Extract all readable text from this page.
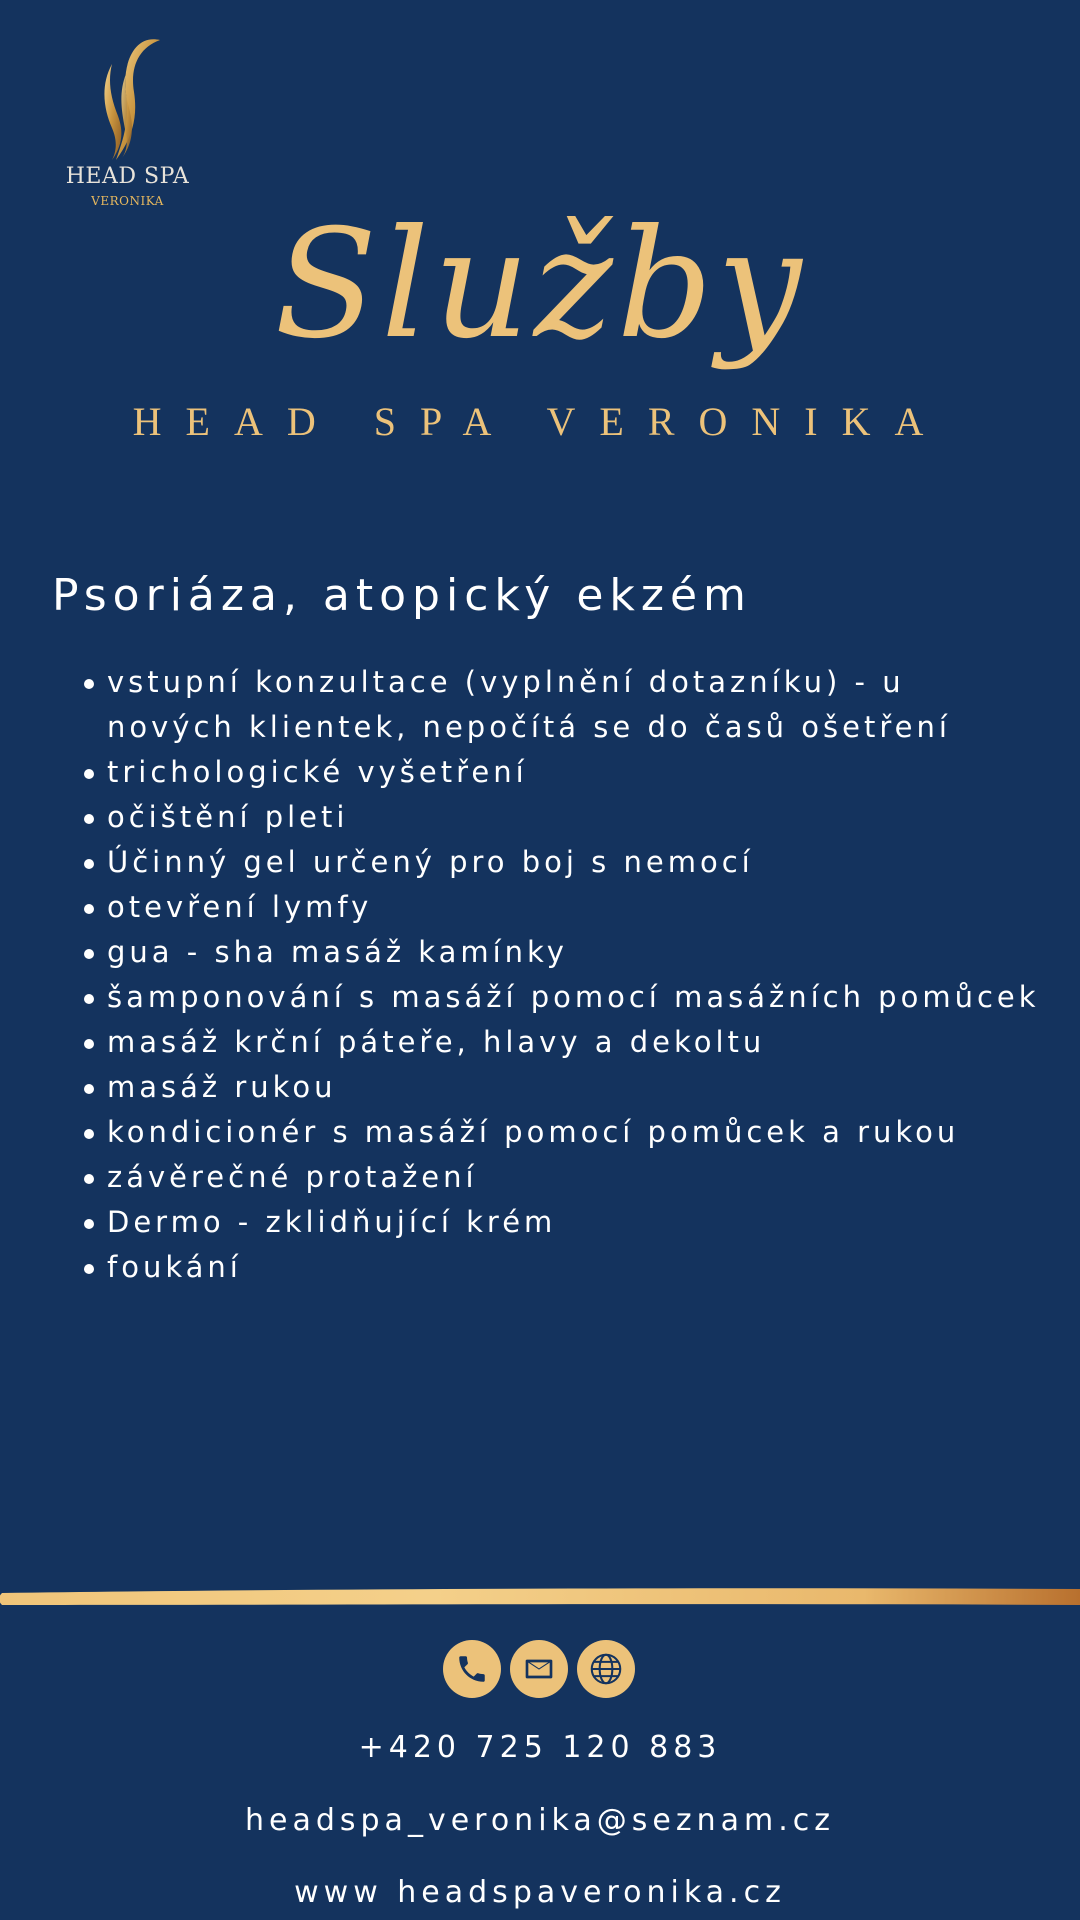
HEAD SPA
VERONIKA Služby
HEAD SPA VERONIKA
Psoriáza, atopický ekzém
vstupní konzultace (vyplnění dotazníku) - u nových klientek, nepočítá se do časů ošetření
trichologické vyšetření
očištění pleti
Účinný gel určený pro boj s nemocí
otevření lymfy
gua - sha masáž kamínky
šamponování s masáží pomocí masážních pomůcek
masáž krční páteře, hlavy a dekoltu
masáž rukou
kondicionér s masáží pomocí pomůcek a rukou
závěrečné protažení
Dermo - zklidňující krém
foukání
+420 725 120 883
headspa_veronika@seznam.cz
www headspaveronika.cz
